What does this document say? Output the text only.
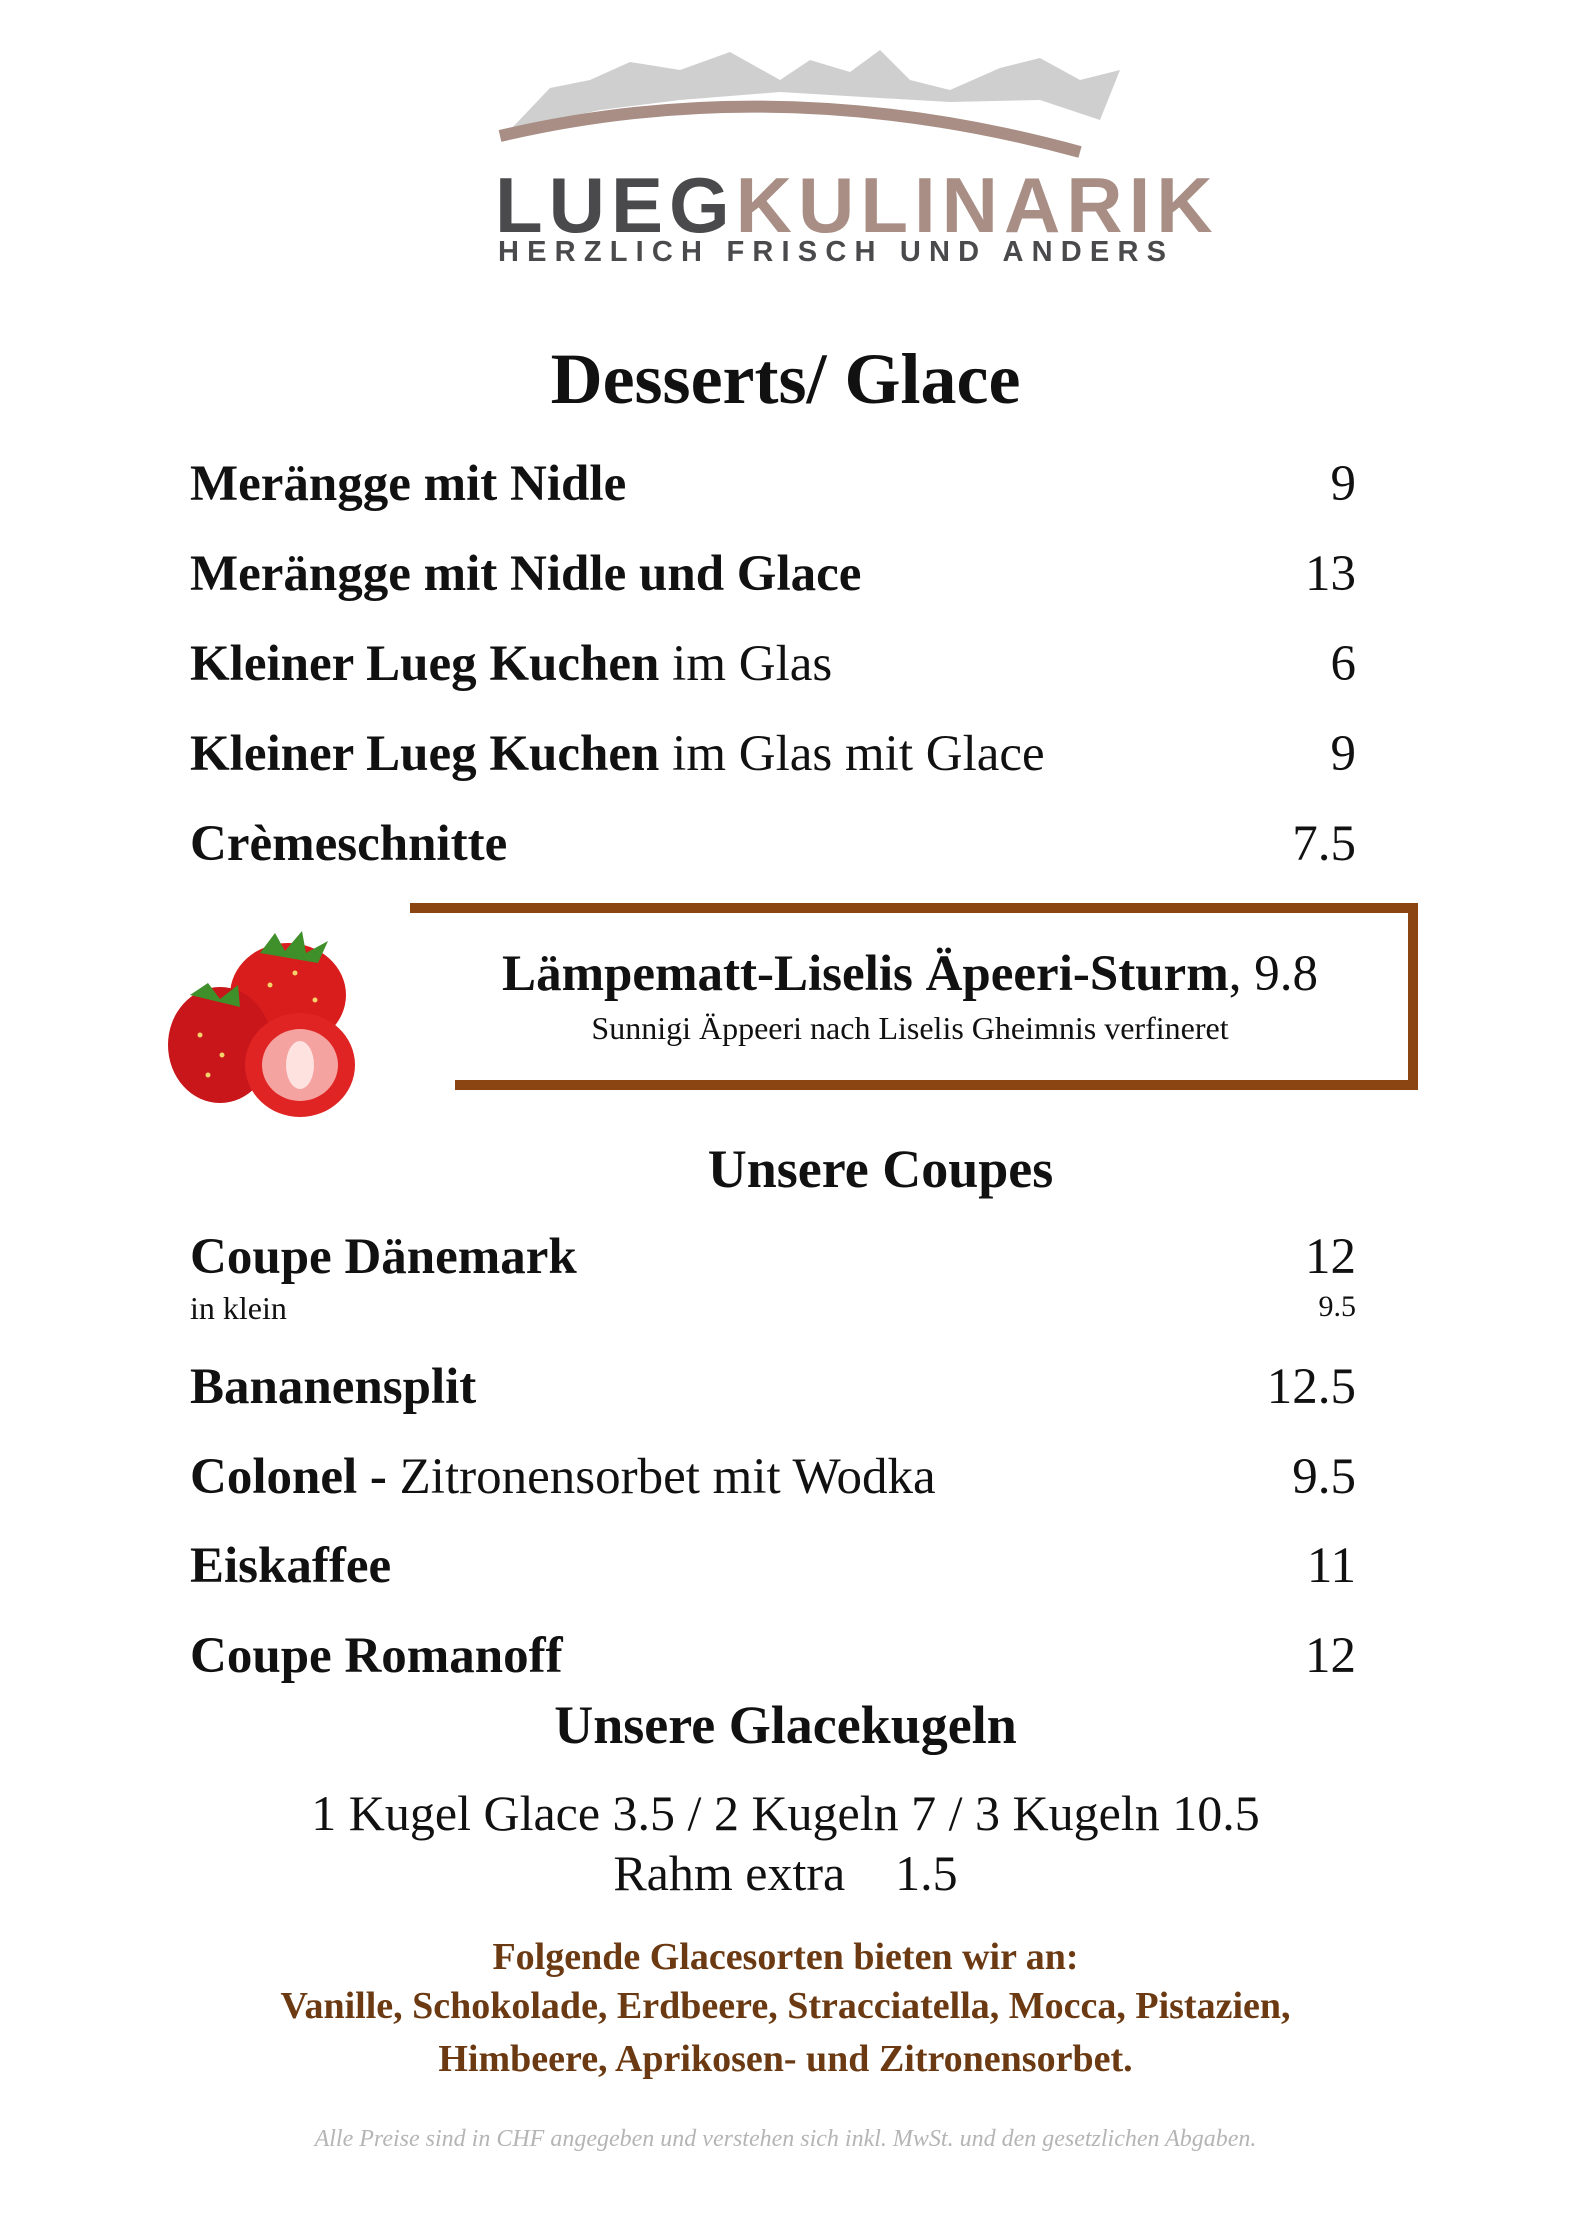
LUEGKULINARIK
HERZLICH FRISCH UND ANDERS
Desserts/ Glace
Merängge mit Nidle	9
Merängge mit Nidle und Glace	13
Kleiner Lueg Kuchen im Glas	6
Kleiner Lueg Kuchen im Glas mit Glace	9
Crèmeschnitte	7.5
Lämpematt-Liselis Äpeeri-Sturm, 9.8
Sunnigi Äppeeri nach Liselis Gheimnis verfineret
Unsere Coupes
Coupe Dänemark	12
in klein	9.5
Bananensplit	12.5
Colonel - Zitronensorbet mit Wodka	9.5
Eiskaffee	11
Coupe Romanoff	12
Unsere Glacekugeln
1 Kugel Glace 3.5 / 2 Kugeln 7 / 3 Kugeln 10.5
Rahm extra    1.5
Folgende Glacesorten bieten wir an:
Vanille, Schokolade, Erdbeere, Stracciatella, Mocca, Pistazien,
Himbeere, Aprikosen- und Zitronensorbet.
Alle Preise sind in CHF angegeben und verstehen sich inkl. MwSt. und den gesetzlichen Abgaben.
